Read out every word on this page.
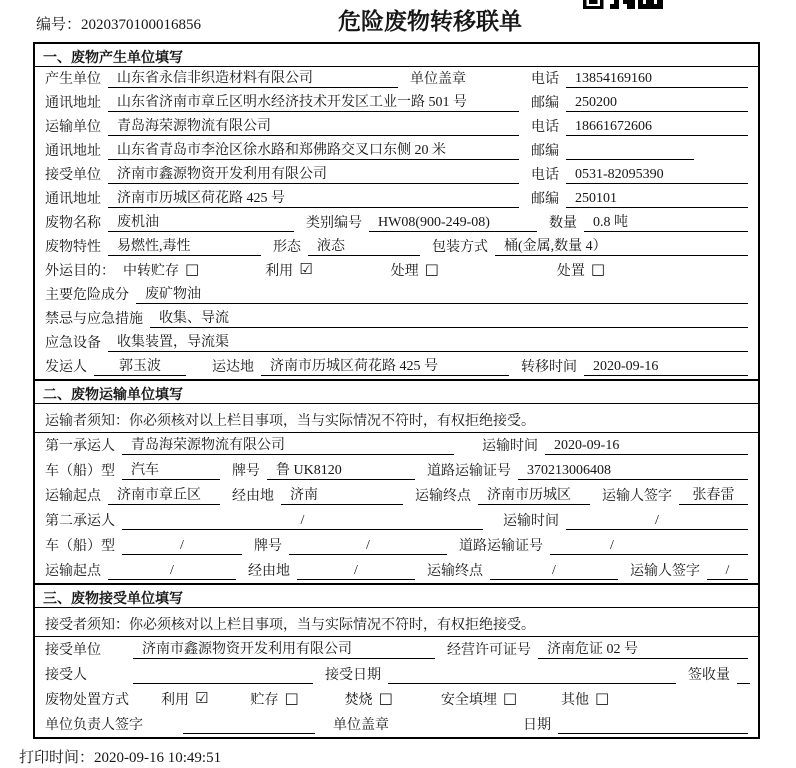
编号：2020370100016856	危险废物转移联单
一、废物产生单位填写
产生单位	山东省永信非织造材料有限公司	单位盖章	电话	13854169160
通讯地址	山东省济南市章丘区明水经济技术开发区工业一路 501 号	邮编	250200
运输单位	青岛海荣源物流有限公司	电话	18661672606
通讯地址	山东省青岛市李沧区徐水路和郑佛路交叉口东侧 20 米	邮编
接受单位	济南市鑫源物资开发利用有限公司	电话	0531-82095390
通讯地址	济南市历城区荷花路 425 号	邮编	250101
废物名称	废机油	类别编号	HW08(900-249-08)	数量	0.8 吨
废物特性	易燃性,毒性	形态	液态	包装方式	桶(金属,数量 4）
外运目的： 中转贮存 □	利用 ☑	处理 □	处置 □
主要危险成分	废矿物油
禁忌与应急措施	收集、导流
应急设备	收集装置，导流渠
发运人	郭玉波	运达地	济南市历城区荷花路 425 号	转移时间	2020-09-16
二、废物运输单位填写
运输者须知：你必须核对以上栏目事项，当与实际情况不符时，有权拒绝接受。
第一承运人	青岛海荣源物流有限公司	运输时间	2020-09-16
车（船）型	汽车	牌号	鲁 UK8120	道路运输证号	370213006408
运输起点	济南市章丘区	经由地	济南	运输终点	济南市历城区	运输人签字	张春雷
第二承运人	/	运输时间	/
车（船）型	/	牌号	/	道路运输证号	/
运输起点	/	经由地	/	运输终点	/	运输人签字	/
三、废物接受单位填写
接受者须知：你必须核对以上栏目事项，当与实际情况不符时，有权拒绝接受。
接受单位	济南市鑫源物资开发利用有限公司	经营许可证号	济南危证 02 号
接受人	接受日期	签收量
废物处置方式 利用 ☑	贮存 □	焚烧 □	安全填埋 □	其他 □
单位负责人签字	单位盖章	日期
打印时间：2020-09-16 10:49:51
